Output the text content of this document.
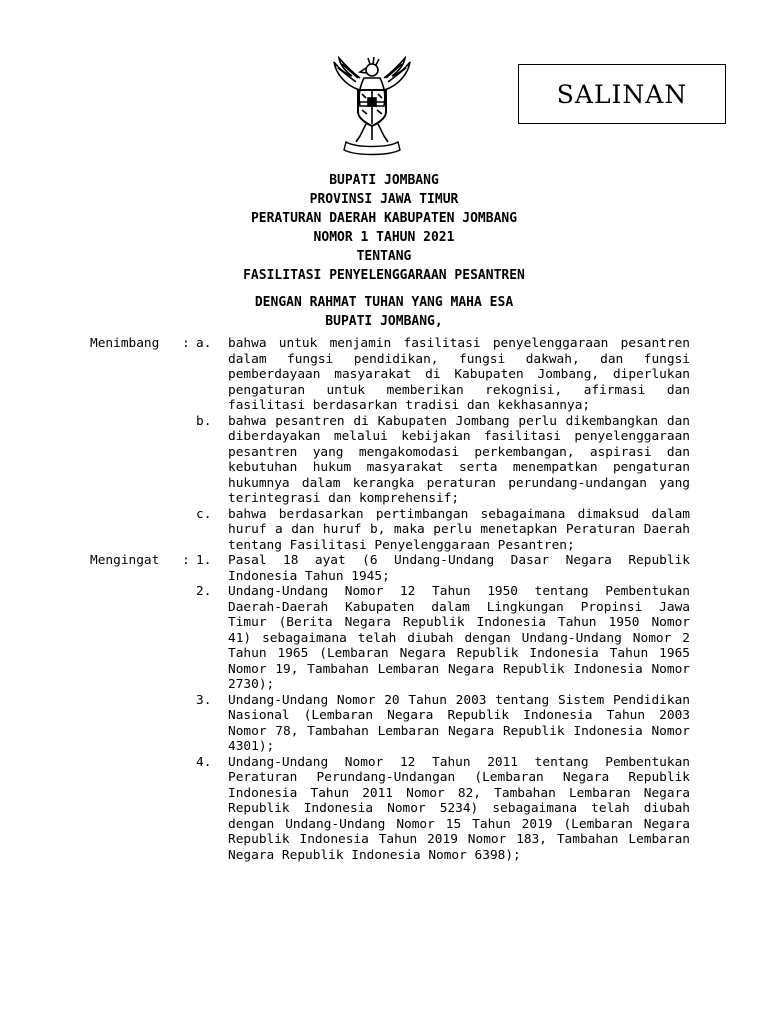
SALINAN
BUPATI JOMBANG
PROVINSI JAWA TIMUR
PERATURAN DAERAH KABUPATEN JOMBANG
NOMOR 1 TAHUN 2021
TENTANG
FASILITASI PENYELENGGARAAN PESANTREN
DENGAN RAHMAT TUHAN YANG MAHA ESA
BUPATI JOMBANG,
Menimbang	: a.	bahwa untuk menjamin fasilitasi penyelenggaraan pesantren dalam fungsi pendidikan, fungsi dakwah, dan fungsi pemberdayaan masyarakat di Kabupaten Jombang, diperlukan pengaturan untuk memberikan rekognisi, afirmasi dan fasilitasi berdasarkan tradisi dan kekhasannya;
b.	bahwa pesantren di Kabupaten Jombang perlu dikembangkan dan diberdayakan melalui kebijakan fasilitasi penyelenggaraan pesantren yang mengakomodasi perkembangan, aspirasi dan kebutuhan hukum masyarakat serta menempatkan pengaturan hukumnya dalam kerangka peraturan perundang-undangan yang terintegrasi dan komprehensif;
c.	bahwa berdasarkan pertimbangan sebagaimana dimaksud dalam huruf a dan huruf b, maka perlu menetapkan Peraturan Daerah tentang Fasilitasi Penyelenggaraan Pesantren;
Mengingat	: 1.	Pasal 18 ayat (6 Undang-Undang Dasar Negara Republik Indonesia Tahun 1945;
2.	Undang-Undang Nomor 12 Tahun 1950 tentang Pembentukan Daerah-Daerah Kabupaten dalam Lingkungan Propinsi Jawa Timur (Berita Negara Republik Indonesia Tahun 1950 Nomor 41) sebagaimana telah diubah dengan Undang-Undang Nomor 2 Tahun 1965 (Lembaran Negara Republik Indonesia Tahun 1965 Nomor 19, Tambahan Lembaran Negara Republik Indonesia Nomor 2730);
3.	Undang-Undang Nomor 20 Tahun 2003 tentang Sistem Pendidikan Nasional (Lembaran Negara Republik Indonesia Tahun 2003 Nomor 78, Tambahan Lembaran Negara Republik Indonesia Nomor 4301);
4.	Undang-Undang Nomor 12 Tahun 2011 tentang Pembentukan Peraturan Perundang-Undangan (Lembaran Negara Republik Indonesia Tahun 2011 Nomor 82, Tambahan Lembaran Negara Republik Indonesia Nomor 5234) sebagaimana telah diubah dengan Undang-Undang Nomor 15 Tahun 2019 (Lembaran Negara Republik Indonesia Tahun 2019 Nomor 183, Tambahan Lembaran Negara Republik Indonesia Nomor 6398);
